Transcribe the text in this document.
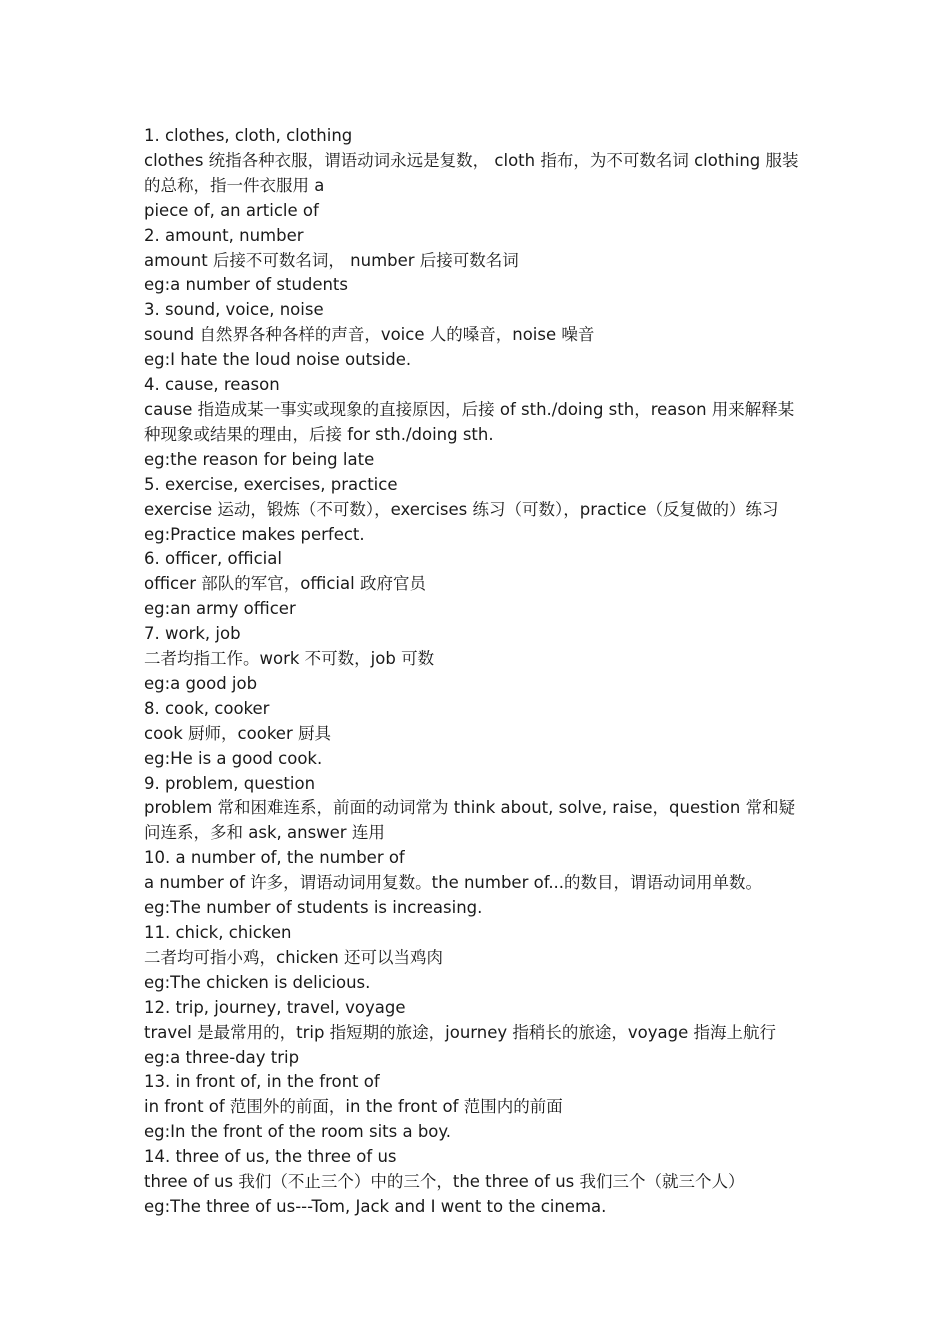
1. clothes, cloth, clothing
clothes 统指各种衣服，谓语动词永远是复数， cloth 指布，为不可数名词 clothing 服装
的总称，指一件衣服用 a
piece of, an article of
2. amount, number
amount 后接不可数名词， number 后接可数名词
eg:a number of students
3. sound, voice, noise
sound 自然界各种各样的声音，voice 人的嗓音，noise 噪音
eg:I hate the loud noise outside.
4. cause, reason
cause 指造成某一事实或现象的直接原因，后接 of sth./doing sth，reason 用来解释某
种现象或结果的理由，后接 for sth./doing sth.
eg:the reason for being late
5. exercise, exercises, practice
exercise 运动，锻炼（不可数），exercises 练习（可数），practice（反复做的）练习
eg:Practice makes perfect.
6. officer, official
officer 部队的军官，official 政府官员
eg:an army officer
7. work, job
二者均指工作。work 不可数，job 可数
eg:a good job
8. cook, cooker
cook 厨师，cooker 厨具
eg:He is a good cook.
9. problem, question
problem 常和困难连系，前面的动词常为 think about, solve, raise，question 常和疑
问连系，多和 ask, answer 连用
10. a number of, the number of
a number of 许多，谓语动词用复数。the number of...的数目，谓语动词用单数。
eg:The number of students is increasing.
11. chick, chicken
二者均可指小鸡，chicken 还可以当鸡肉
eg:The chicken is delicious.
12. trip, journey, travel, voyage
travel 是最常用的，trip 指短期的旅途，journey 指稍长的旅途，voyage 指海上航行
eg:a three-day trip
13. in front of, in the front of
in front of 范围外的前面，in the front of 范围内的前面
eg:In the front of the room sits a boy.
14. three of us, the three of us
three of us 我们（不止三个）中的三个，the three of us 我们三个（就三个人）
eg:The three of us---Tom, Jack and I went to the cinema.
